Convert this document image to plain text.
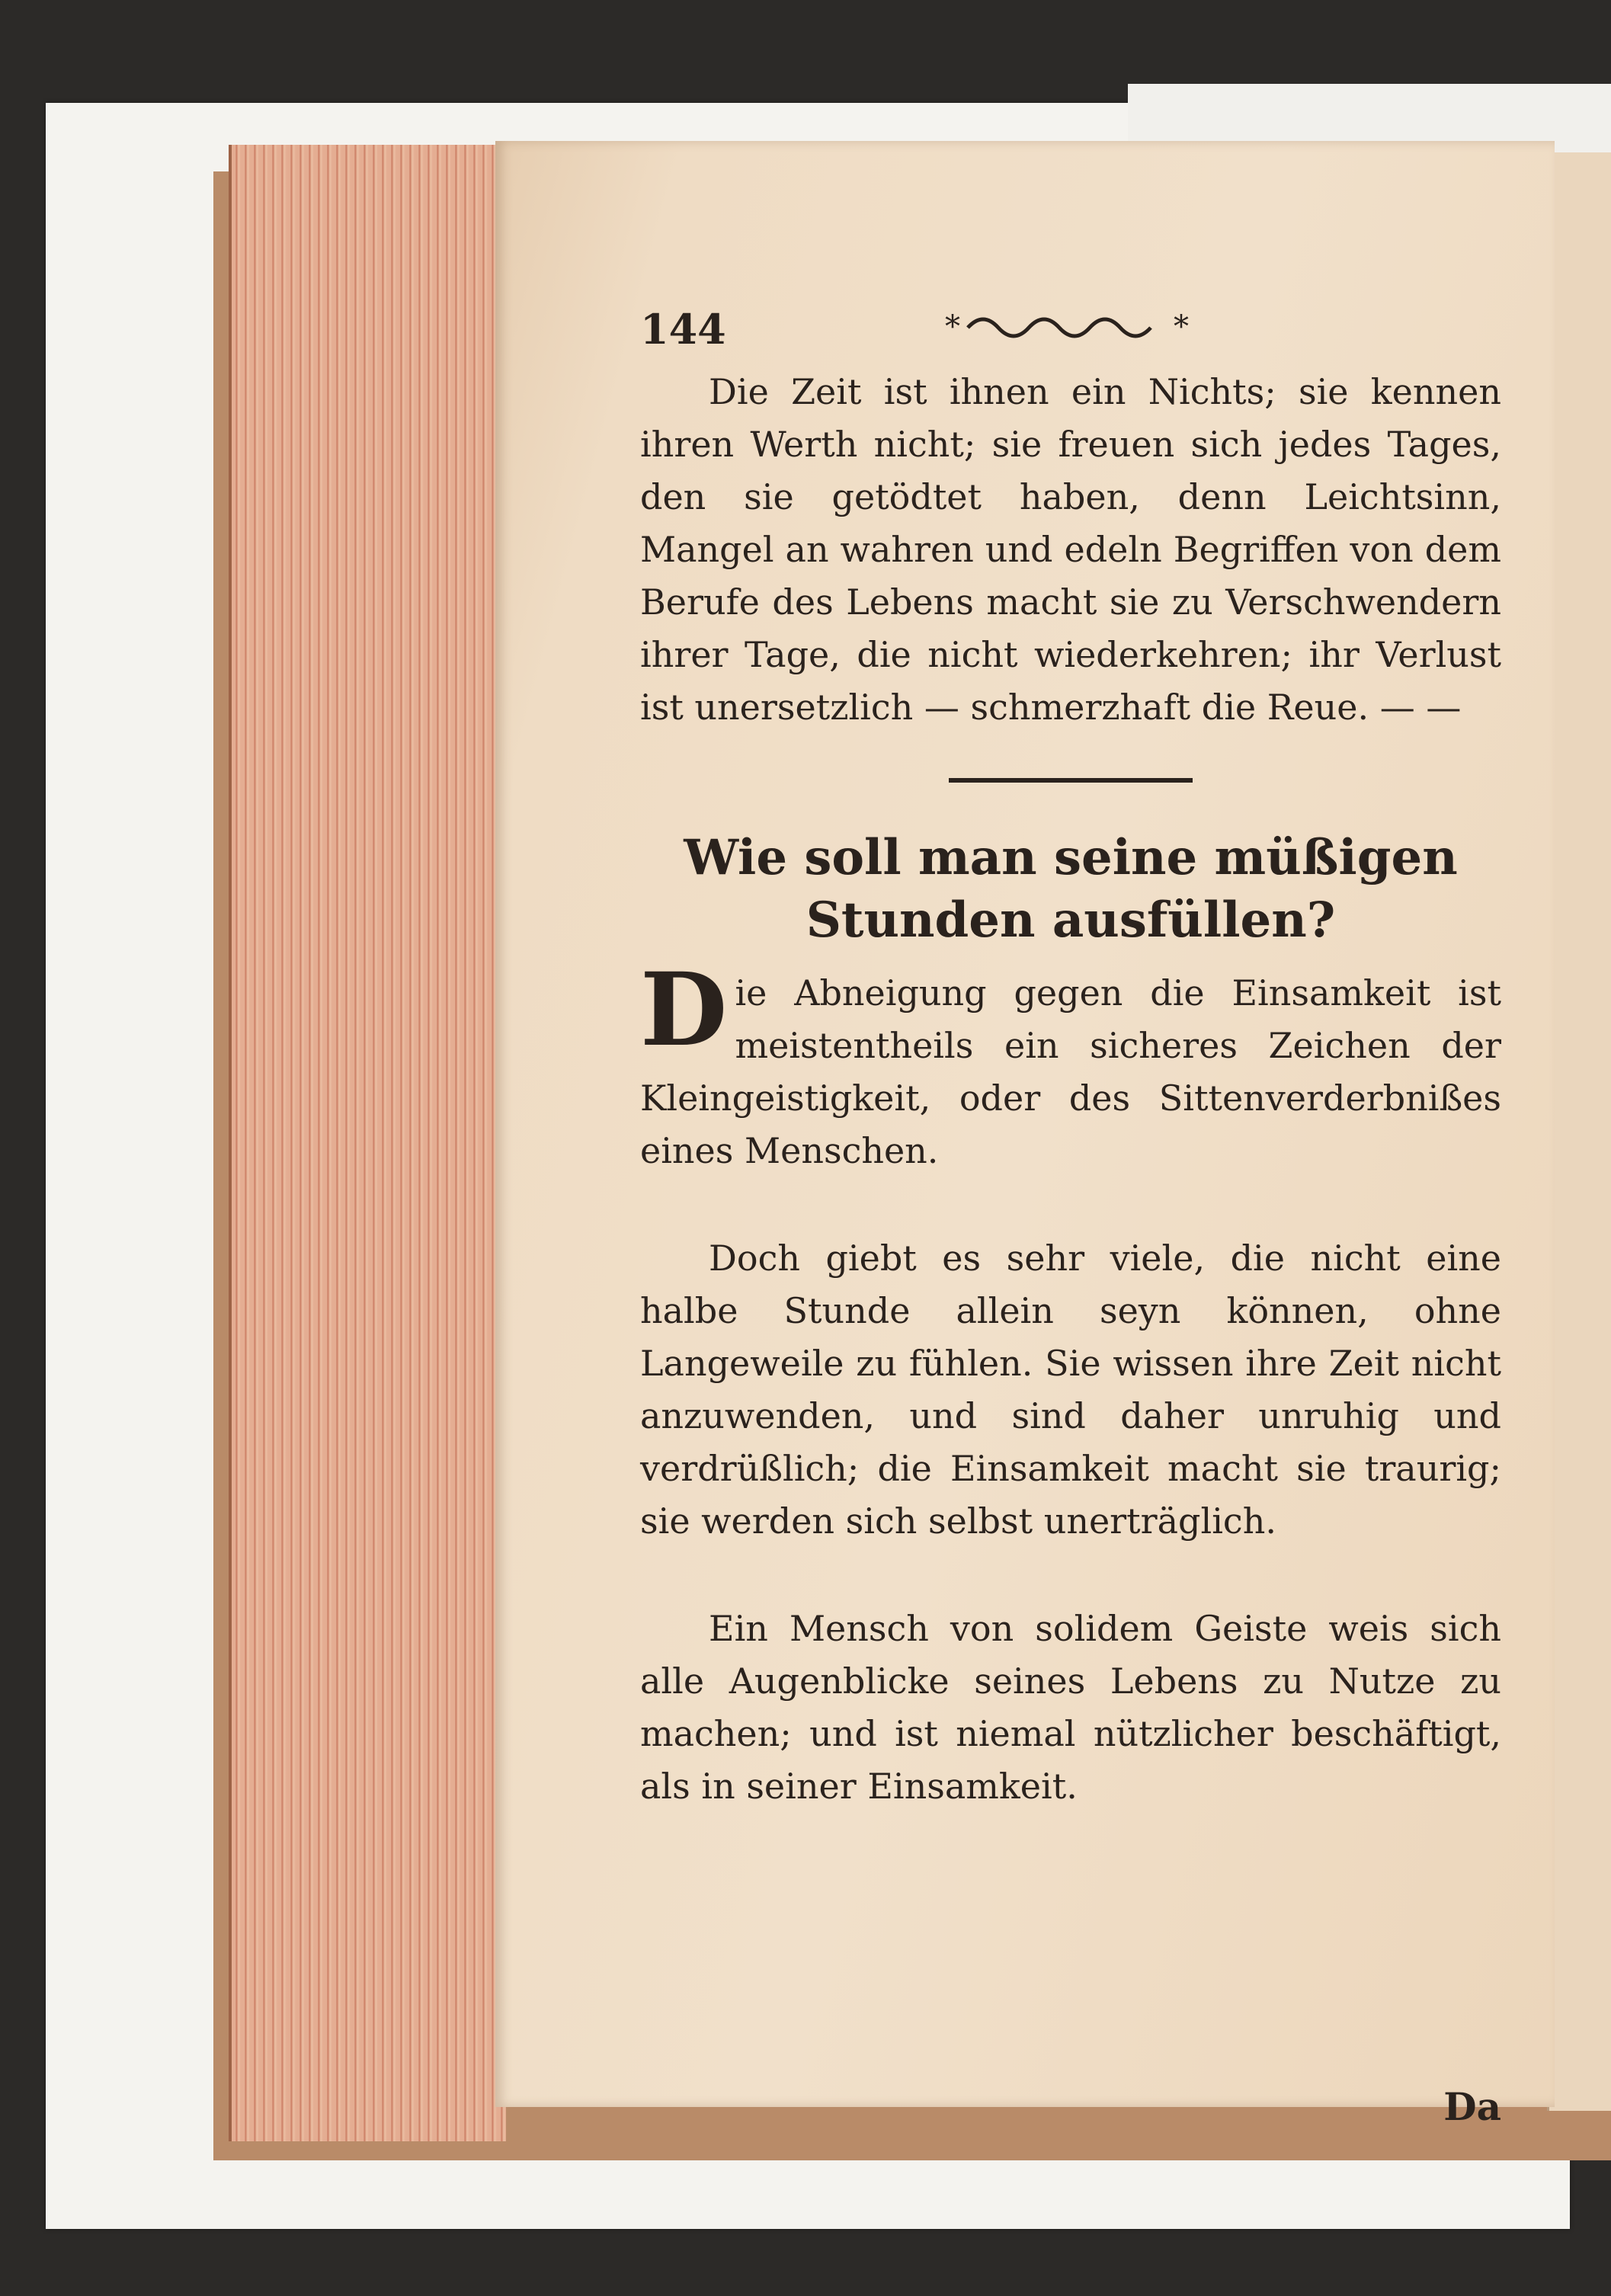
144	*	*

Die Zeit ist ihnen ein Nichts; sie kennen ihren Werth nicht; sie freuen sich jedes Tages, den sie getödtet haben, denn Leichtsinn, Mangel an wahren und edeln Begriffen von dem Berufe des Lebens macht sie zu Verschwendern ihrer Tage, die nicht wiederkehren; ihr Verlust ist unersetzlich — schmerzhaft die Reue. — —

Wie soll man seine müßigen Stunden ausfüllen?

D ie Abneigung gegen die Einsamkeit ist meistentheils ein sicheres Zeichen der Kleingeistigkeit, oder des Sittenverderbnißes eines Menschen.

Doch giebt es sehr viele, die nicht eine halbe Stunde allein seyn können, ohne Langeweile zu fühlen. Sie wissen ihre Zeit nicht anzuwenden, und sind daher unruhig und verdrüßlich; die Einsamkeit macht sie traurig; sie werden sich selbst unerträglich.

Ein Mensch von solidem Geiste weis sich alle Augenblicke seines Lebens zu Nutze zu machen; und ist niemal nützlicher beschäftigt, als in seiner Einsamkeit.

Da
